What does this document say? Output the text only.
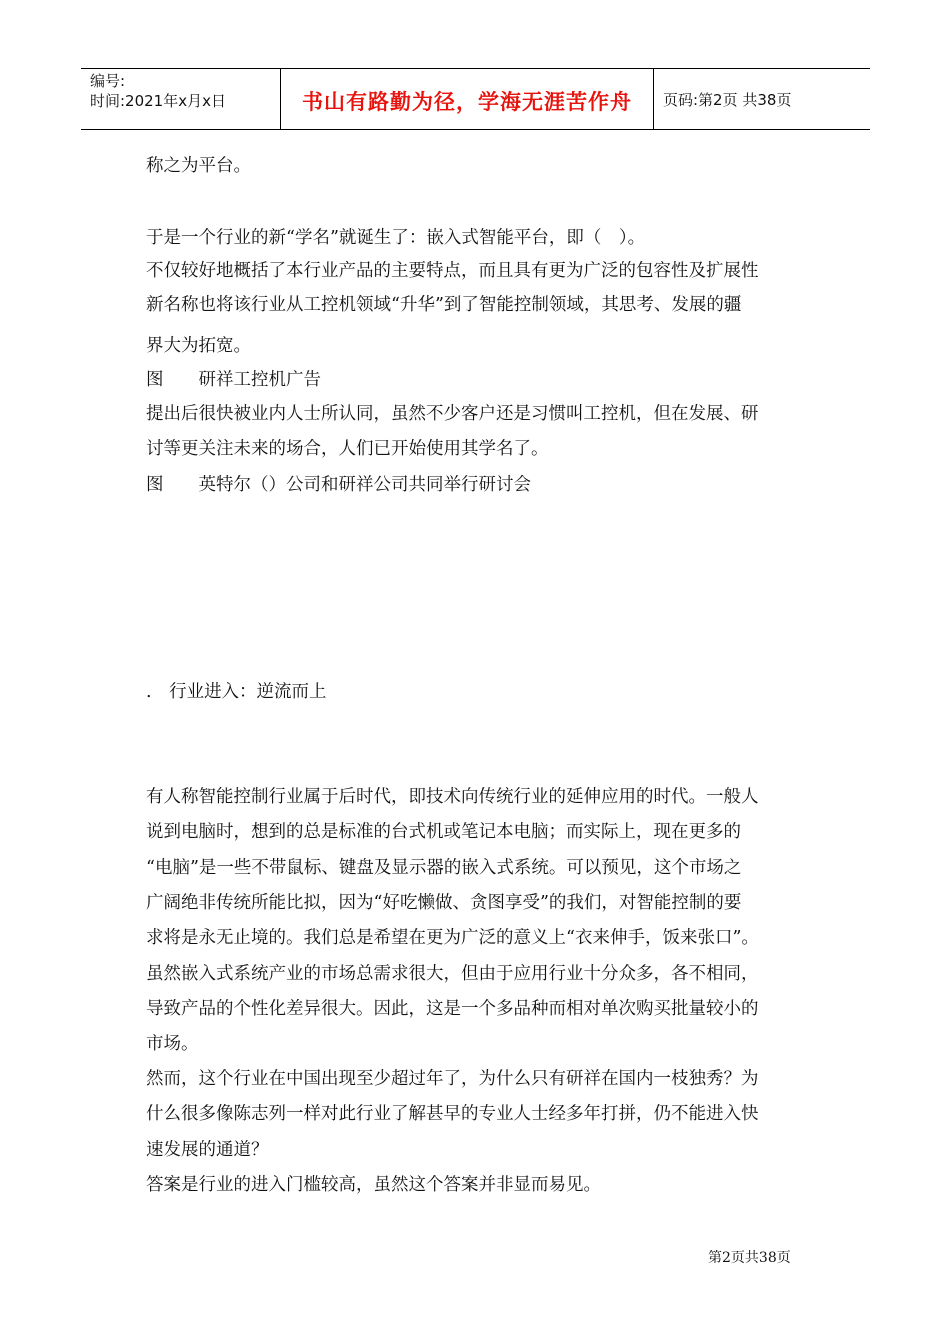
编号:
时间:2021年x月x日	书山有路勤为径，学海无涯苦作舟	页码:第2页 共38页
称之为平台。
于是一个行业的新“学名”就诞生了：嵌入式智能平台，即（　）。
不仅较好地概括了本行业产品的主要特点，而且具有更为广泛的包容性及扩展性
新名称也将该行业从工控机领域“升华”到了智能控制领域，其思考、发展的疆
界大为拓宽。
图　　研祥工控机广告
提出后很快被业内人士所认同，虽然不少客户还是习惯叫工控机，但在发展、研
讨等更关注未来的场合，人们已开始使用其学名了。
图　　英特尔（）公司和研祥公司共同举行研讨会
.　行业进入：逆流而上
有人称智能控制行业属于后时代，即技术向传统行业的延伸应用的时代。一般人
说到电脑时，想到的总是标准的台式机或笔记本电脑；而实际上，现在更多的
“电脑”是一些不带鼠标、键盘及显示器的嵌入式系统。可以预见，这个市场之
广阔绝非传统所能比拟，因为“好吃懒做、贪图享受”的我们，对智能控制的要
求将是永无止境的。我们总是希望在更为广泛的意义上“衣来伸手，饭来张口”。
虽然嵌入式系统产业的市场总需求很大，但由于应用行业十分众多，各不相同，
导致产品的个性化差异很大。因此，这是一个多品种而相对单次购买批量较小的
市场。
然而，这个行业在中国出现至少超过年了，为什么只有研祥在国内一枝独秀？为
什么很多像陈志列一样对此行业了解甚早的专业人士经多年打拼，仍不能进入快
速发展的通道？
答案是行业的进入门槛较高，虽然这个答案并非显而易见。
第2页共38页
